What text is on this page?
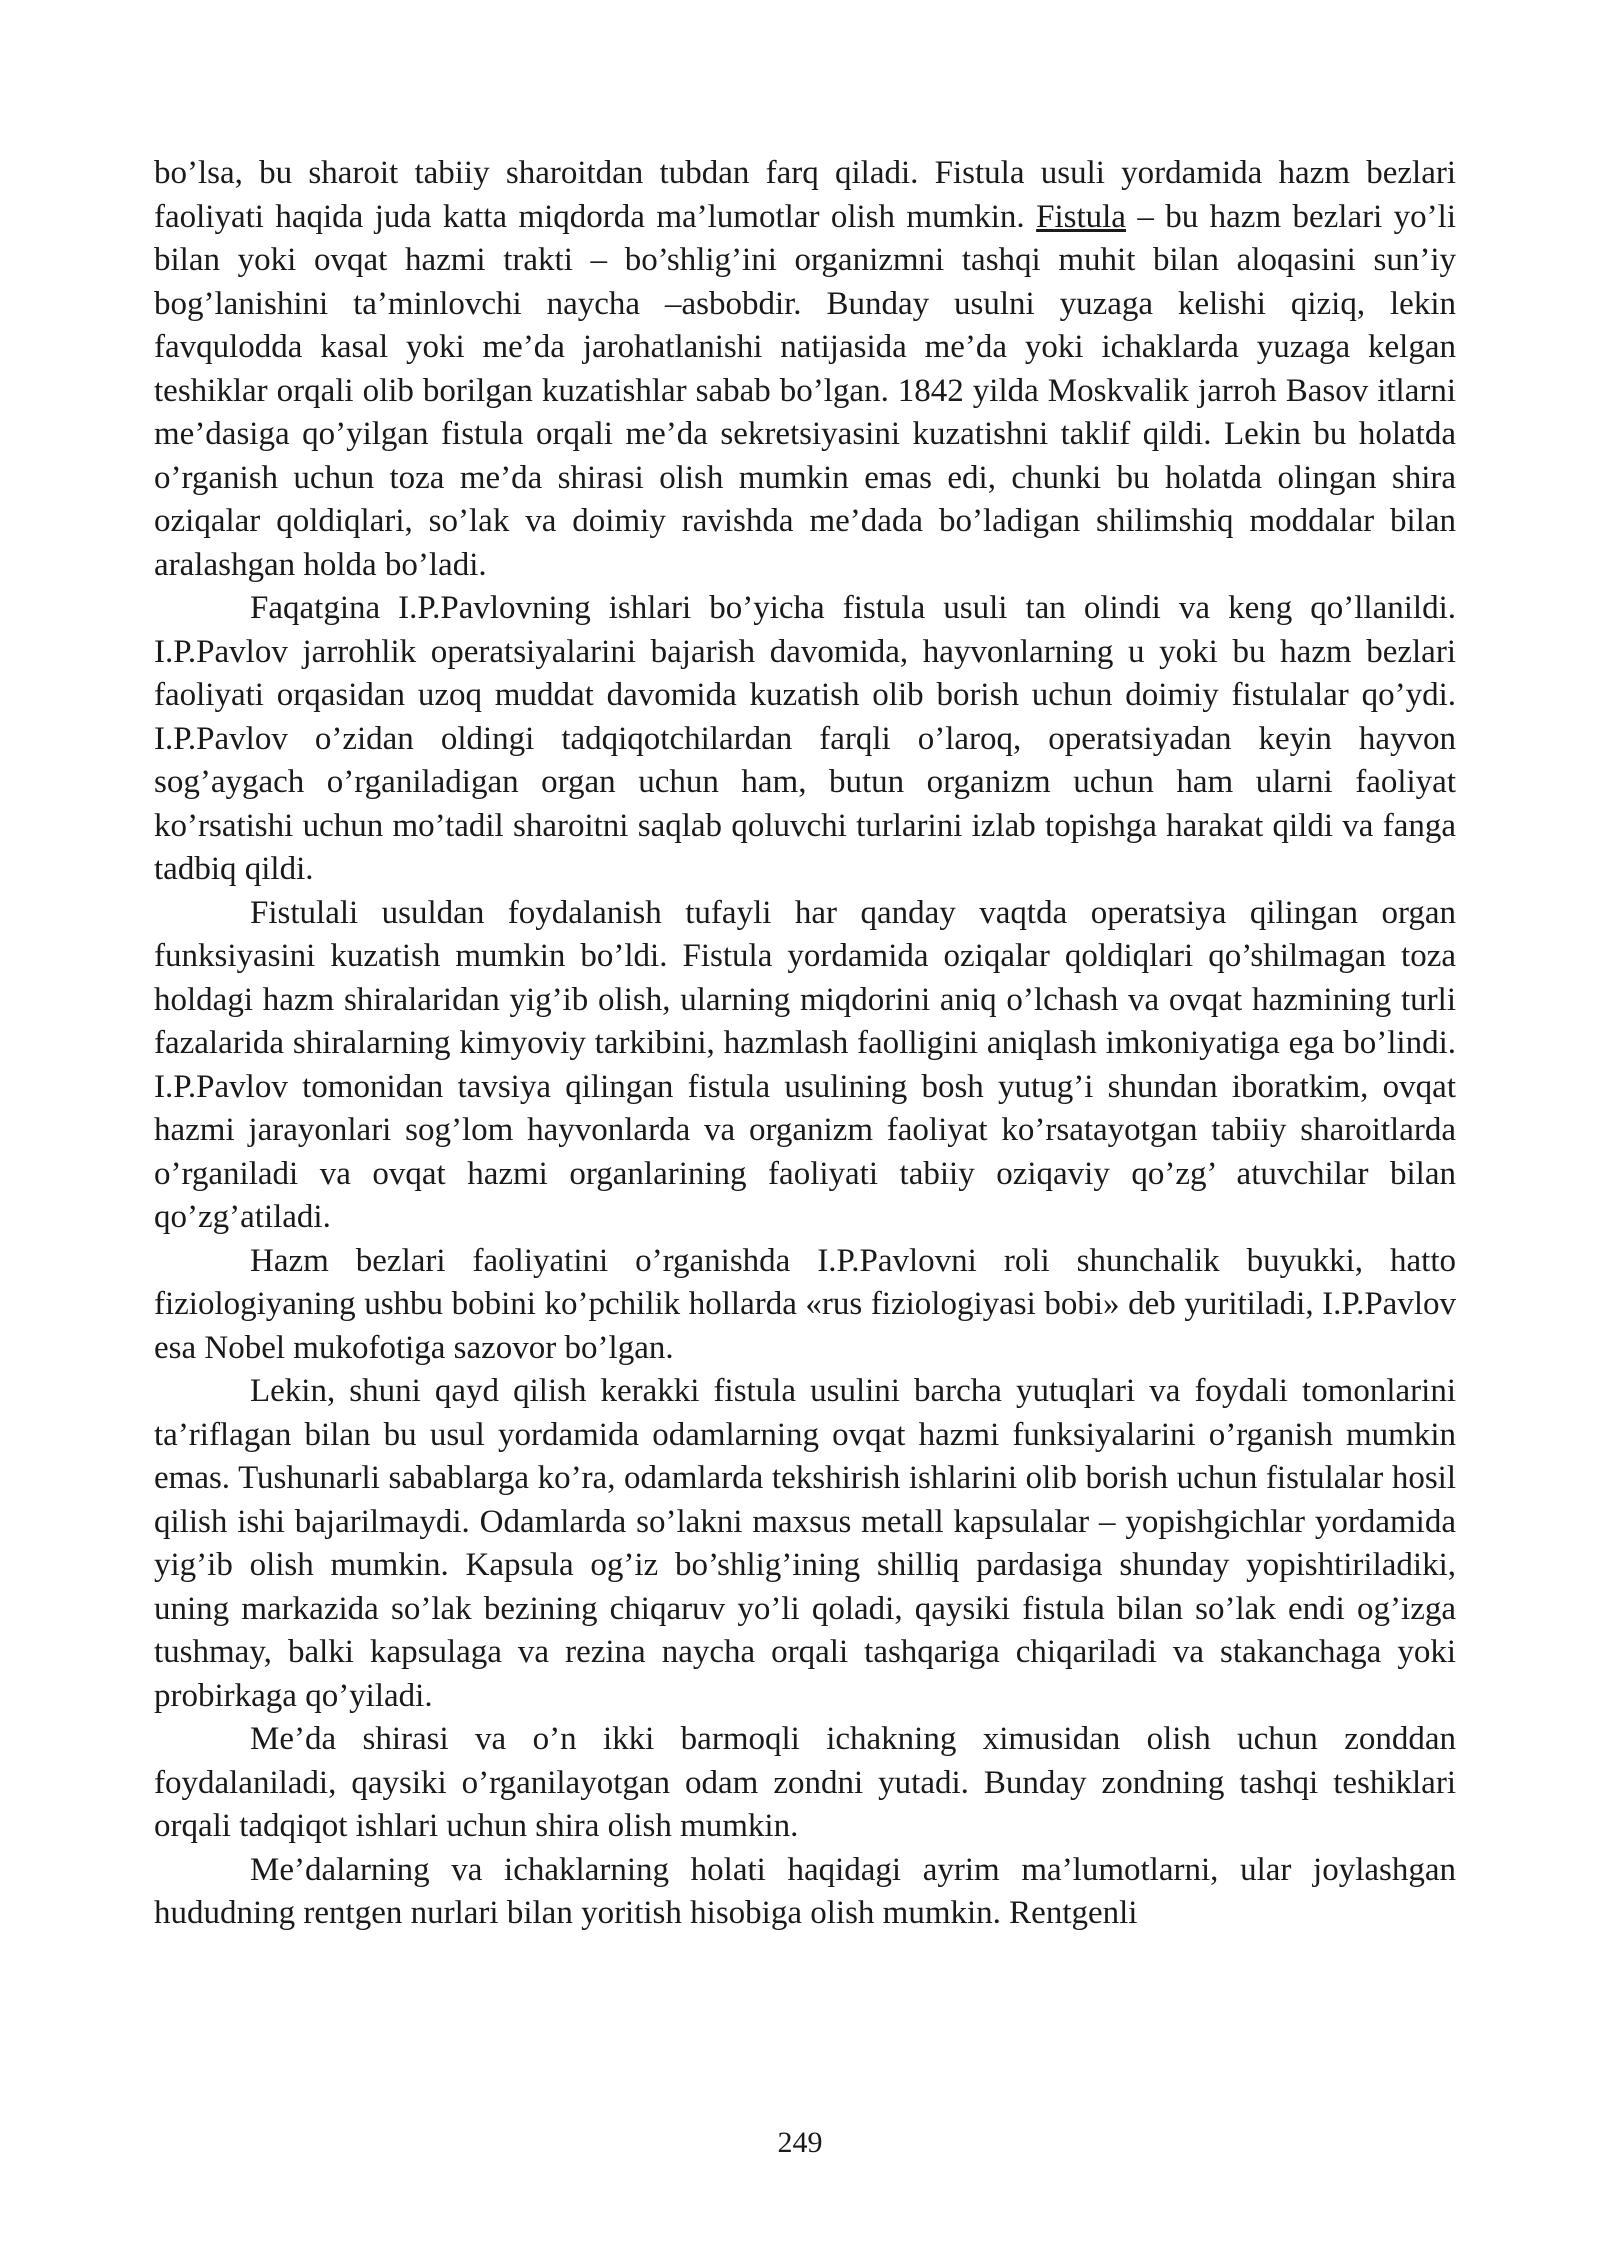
bo’lsa, bu sharoit tabiiy sharoitdan tubdan farq qiladi. Fistula usuli yordamida hazm bezlari faoliyati haqida juda katta miqdorda ma’lumotlar olish mumkin. Fistula – bu hazm bezlari yo’li bilan yoki ovqat hazmi trakti – bo’shlig’ini organizmni tashqi muhit bilan aloqasini sun’iy bog’lanishini ta’minlovchi naycha –asbobdir. Bunday usulni yuzaga kelishi qiziq, lekin favqulodda kasal yoki me’da jarohatlanishi natijasida me’da yoki ichaklarda yuzaga kelgan teshiklar orqali olib borilgan kuzatishlar sabab bo’lgan. 1842 yilda Moskvalik jarroh Basov itlarni me’dasiga qo’yilgan fistula orqali me’da sekretsiyasini kuzatishni taklif qildi. Lekin bu holatda o’rganish uchun toza me’da shirasi olish mumkin emas edi, chunki bu holatda olingan shira oziqalar qoldiqlari, so’lak va doimiy ravishda me’dada bo’ladigan shilimshiq moddalar bilan aralashgan holda bo’ladi.

Faqatgina I.P.Pavlovning ishlari bo’yicha fistula usuli tan olindi va keng qo’llanildi. I.P.Pavlov jarrohlik operatsiyalarini bajarish davomida, hayvonlarning u yoki bu hazm bezlari faoliyati orqasidan uzoq muddat davomida kuzatish olib borish uchun doimiy fistulalar qo’ydi. I.P.Pavlov o’zidan oldingi tadqiqotchilardan farqli o’laroq, operatsiyadan keyin hayvon sog’aygach o’rganiladigan organ uchun ham, butun organizm uchun ham ularni faoliyat ko’rsatishi uchun mo’tadil sharoitni saqlab qoluvchi turlarini izlab topishga harakat qildi va fanga tadbiq qildi.

Fistulali usuldan foydalanish tufayli har qanday vaqtda operatsiya qilingan organ funksiyasini kuzatish mumkin bo’ldi. Fistula yordamida oziqalar qoldiqlari qo’shilmagan toza holdagi hazm shiralaridan yig’ib olish, ularning miqdorini aniq o’lchash va ovqat hazmining turli fazalarida shiralarning kimyoviy tarkibini, hazmlash faolligini aniqlash imkoniyatiga ega bo’lindi. I.P.Pavlov tomonidan tavsiya qilingan fistula usulining bosh yutug’i shundan iboratkim, ovqat hazmi jarayonlari sog’lom hayvonlarda va organizm faoliyat ko’rsatayotgan tabiiy sharoitlarda o’rganiladi va ovqat hazmi organlarining faoliyati tabiiy oziqaviy qo’zg’ atuvchilar bilan qo’zg’atiladi.

Hazm bezlari faoliyatini o’rganishda I.P.Pavlovni roli shunchalik buyukki, hatto fiziologiyaning ushbu bobini ko’pchilik hollarda «rus fiziologiyasi bobi» deb yuritiladi, I.P.Pavlov esa Nobel mukofotiga sazovor bo’lgan.

Lekin, shuni qayd qilish kerakki fistula usulini barcha yutuqlari va foydali tomonlarini ta’riflagan bilan bu usul yordamida odamlarning ovqat hazmi funksiyalarini o’rganish mumkin emas. Tushunarli sabablarga ko’ra, odamlarda tekshirish ishlarini olib borish uchun fistulalar hosil qilish ishi bajarilmaydi. Odamlarda so’lakni maxsus metall kapsulalar – yopishgichlar yordamida yig’ib olish mumkin. Kapsula og’iz bo’shlig’ining shilliq pardasiga shunday yopishtiriladiki, uning markazida so’lak bezining chiqaruv yo’li qoladi, qaysiki fistula bilan so’lak endi og’izga tushmay, balki kapsulaga va rezina naycha orqali tashqariga chiqariladi va stakanchaga yoki probirkaga qo’yiladi.

Me’da shirasi va o’n ikki barmoqli ichakning ximusidan olish uchun zonddan foydalaniladi, qaysiki o’rganilayotgan odam zondni yutadi. Bunday zondning tashqi teshiklari orqali tadqiqot ishlari uchun shira olish mumkin.

Me’dalarning va ichaklarning holati haqidagi ayrim ma’lumotlarni, ular joylashgan hududning rentgen nurlari bilan yoritish hisobiga olish mumkin. Rentgenli

249
